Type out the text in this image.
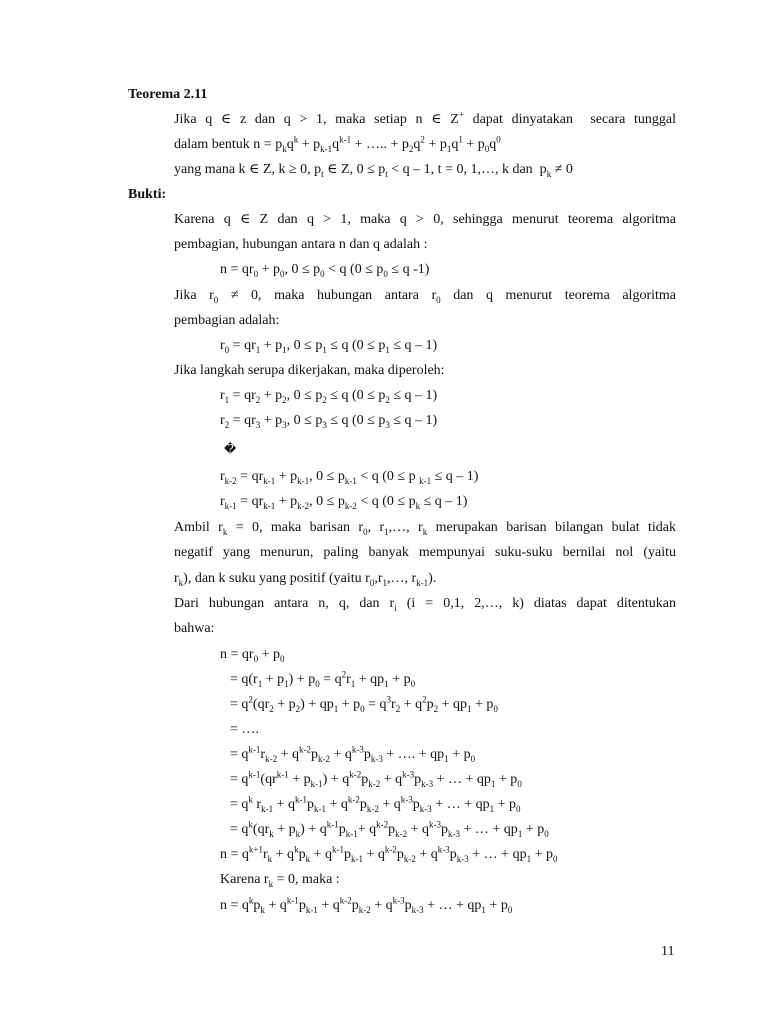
Teorema 2.11
Jika q ∈ z dan q > 1, maka setiap n ∈ Z+ dapat dinyatakan  secara tunggal
dalam bentuk $n = p_kq^k + p_{k-1}q^{k-1}$ + ….. + $p_2q^2 + p_1q^1 + p_0q^0$
yang mana k ∈ Z, k ≥ 0, $p_t$ ∈ Z, $0 \le p_t < q - 1$, t = 0, 1,…, k dan  $p_k \ne 0$
Bukti:
Karena q ∈ Z dan q > 1, maka q > 0, sehingga menurut teorema algoritma
pembagian, hubungan antara n dan q adalah :
$n = qr_0 + p_0$, $0 \le p_0 < q$ ($0 \le p_0 \le q$ -1)
Jika $r_0 \ne 0$, maka hubungan antara $r_0$ dan q menurut teorema algoritma
pembagian adalah:
$r_0 = qr_1 + p_1$, $0 \le p_1 \le q$ $(0 \le p_1 \le q - 1)$
Jika langkah serupa dikerjakan, maka diperoleh:
$r_1 = qr_2 + p_2$, $0 \le p_2 \le q$ $(0 \le p_2 \le q - 1)$
$r_2 = qr_3 + p_3$, $0 \le p_3 \le q$ $(0 \le p_3 \le q - 1)$
�
$r_{k-2} = qr_{k-1} + p_{k-1}$, $0 \le p_{k-1} < q$ (0 ≤ p $_{k-1}$ ≤ q – 1)
$r_{k-1} = qr_{k-1} + p_{k-2}$, $0 \le p_{k-2} < q$ $(0 \le p_k \le q - 1)$
Ambil $r_k = 0$, maka barisan $r_0$, $r_1,\dots$, $r_k$ merupakan barisan bilangan bulat tidak
negatif yang menurun, paling banyak mempunyai suku-suku bernilai nol (yaitu
$r_k$), dan k suku yang positif (yaitu $r_0,r_1,\dots$, $r_{k-1}$).
Dari hubungan antara n, q, dan $r_i$ (i = 0,1, 2,…, k) diatas dapat ditentukan
bahwa:
$n = qr_0 + p_0$
= $q(r_1 + p_1) + p_0 = q^2r_1 + qp_1 + p_0$
= $q^2(qr_2 + p_2) + qp_1 + p_0 = q^3r_2 + q^2p_2 + qp_1 + p_0$
= ….
= $q^{k-1}r_{k-2} + q^{k-2}p_{k-2} + q^{k-3}p_{k-3}$ + …. + $qp_1 + p_0$
= $q^{k-1}(qr^{k-1} + p_{k-1}) + q^{k-2}p_{k-2} + q^{k-3}p_{k-3}$ + … + $qp_1 + p_0$
= $q^k$ $r_{k-1} + q^{k-1}p_{k-1} + q^{k-2}p_{k-2} + q^{k-3}p_{k-3}$ + … + $qp_1 + p_0$
= $q^k(qr_k + p_k) + q^{k-1}p_{k-1}+ q^{k-2}p_{k-2} + q^{k-3}p_{k-3}$ + … + $qp_1 + p_0$
$n = q^{k+1}r_k + q^kp_k + q^{k-1}p_{k-1} + q^{k-2}p_{k-2} + q^{k-3}p_{k-3}$ + … + $qp_1 + p_0$
Karena $r_k = 0$, maka :
$n = q^kp_k + q^{k-1}p_{k-1} + q^{k-2}p_{k-2} + q^{k-3}p_{k-3}$ + … + $qp_1 + p_0$
11
